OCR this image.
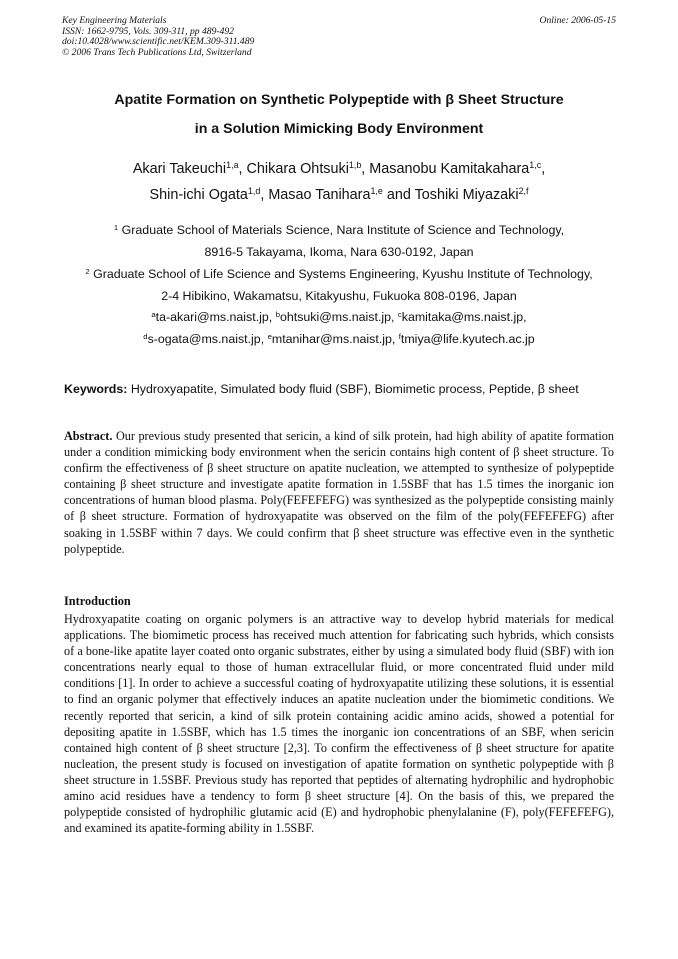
Key Engineering Materials
ISSN: 1662-9795, Vols. 309-311, pp 489-492
doi:10.4028/www.scientific.net/KEM.309-311.489
© 2006 Trans Tech Publications Ltd, Switzerland
Online: 2006-05-15
Apatite Formation on Synthetic Polypeptide with β Sheet Structure
in a Solution Mimicking Body Environment
Akari Takeuchi$^{1,a}$, Chikara Ohtsuki$^{1,b}$, Masanobu Kamitakahara$^{1,c}$,
Shin-ichi Ogata$^{1,d}$, Masao Tanihara$^{1,e}$ and Toshiki Miyazaki$^{2,f}$
$^1$ Graduate School of Materials Science, Nara Institute of Science and Technology,
8916-5 Takayama, Ikoma, Nara 630-0192, Japan
$^2$ Graduate School of Life Science and Systems Engineering, Kyushu Institute of Technology,
2-4 Hibikino, Wakamatsu, Kitakyushu, Fukuoka 808-0196, Japan
$^a$ta-akari@ms.naist.jp, $^b$ohtsuki@ms.naist.jp, $^c$kamitaka@ms.naist.jp,
$^d$s-ogata@ms.naist.jp, $^e$mtanihar@ms.naist.jp, $^f$tmiya@life.kyutech.ac.jp
Keywords: Hydroxyapatite, Simulated body fluid (SBF), Biomimetic process, Peptide, β sheet
Abstract. Our previous study presented that sericin, a kind of silk protein, had high ability of apatite formation under a condition mimicking body environment when the sericin contains high content of β sheet structure. To confirm the effectiveness of β sheet structure on apatite nucleation, we attempted to synthesize of polypeptide containing β sheet structure and investigate apatite formation in 1.5SBF that has 1.5 times the inorganic ion concentrations of human blood plasma. Poly(FEFEFEFG) was synthesized as the polypeptide consisting mainly of β sheet structure. Formation of hydroxyapatite was observed on the film of the poly(FEFEFEFG) after soaking in 1.5SBF within 7 days. We could confirm that β sheet structure was effective even in the synthetic polypeptide.
Introduction
Hydroxyapatite coating on organic polymers is an attractive way to develop hybrid materials for medical applications. The biomimetic process has received much attention for fabricating such hybrids, which consists of a bone-like apatite layer coated onto organic substrates, either by using a simulated body fluid (SBF) with ion concentrations nearly equal to those of human extracellular fluid, or more concentrated fluid under mild conditions [1]. In order to achieve a successful coating of hydroxyapatite utilizing these solutions, it is essential to find an organic polymer that effectively induces an apatite nucleation under the biomimetic conditions. We recently reported that sericin, a kind of silk protein containing acidic amino acids, showed a potential for depositing apatite in 1.5SBF, which has 1.5 times the inorganic ion concentrations of an SBF, when sericin contained high content of β sheet structure [2,3]. To confirm the effectiveness of β sheet structure for apatite nucleation, the present study is focused on investigation of apatite formation on synthetic polypeptide with β sheet structure in 1.5SBF. Previous study has reported that peptides of alternating hydrophilic and hydrophobic amino acid residues have a tendency to form β sheet structure [4]. On the basis of this, we prepared the polypeptide consisted of hydrophilic glutamic acid (E) and hydrophobic phenylalanine (F), poly(FEFEFEFG), and examined its apatite-forming ability in 1.5SBF.
